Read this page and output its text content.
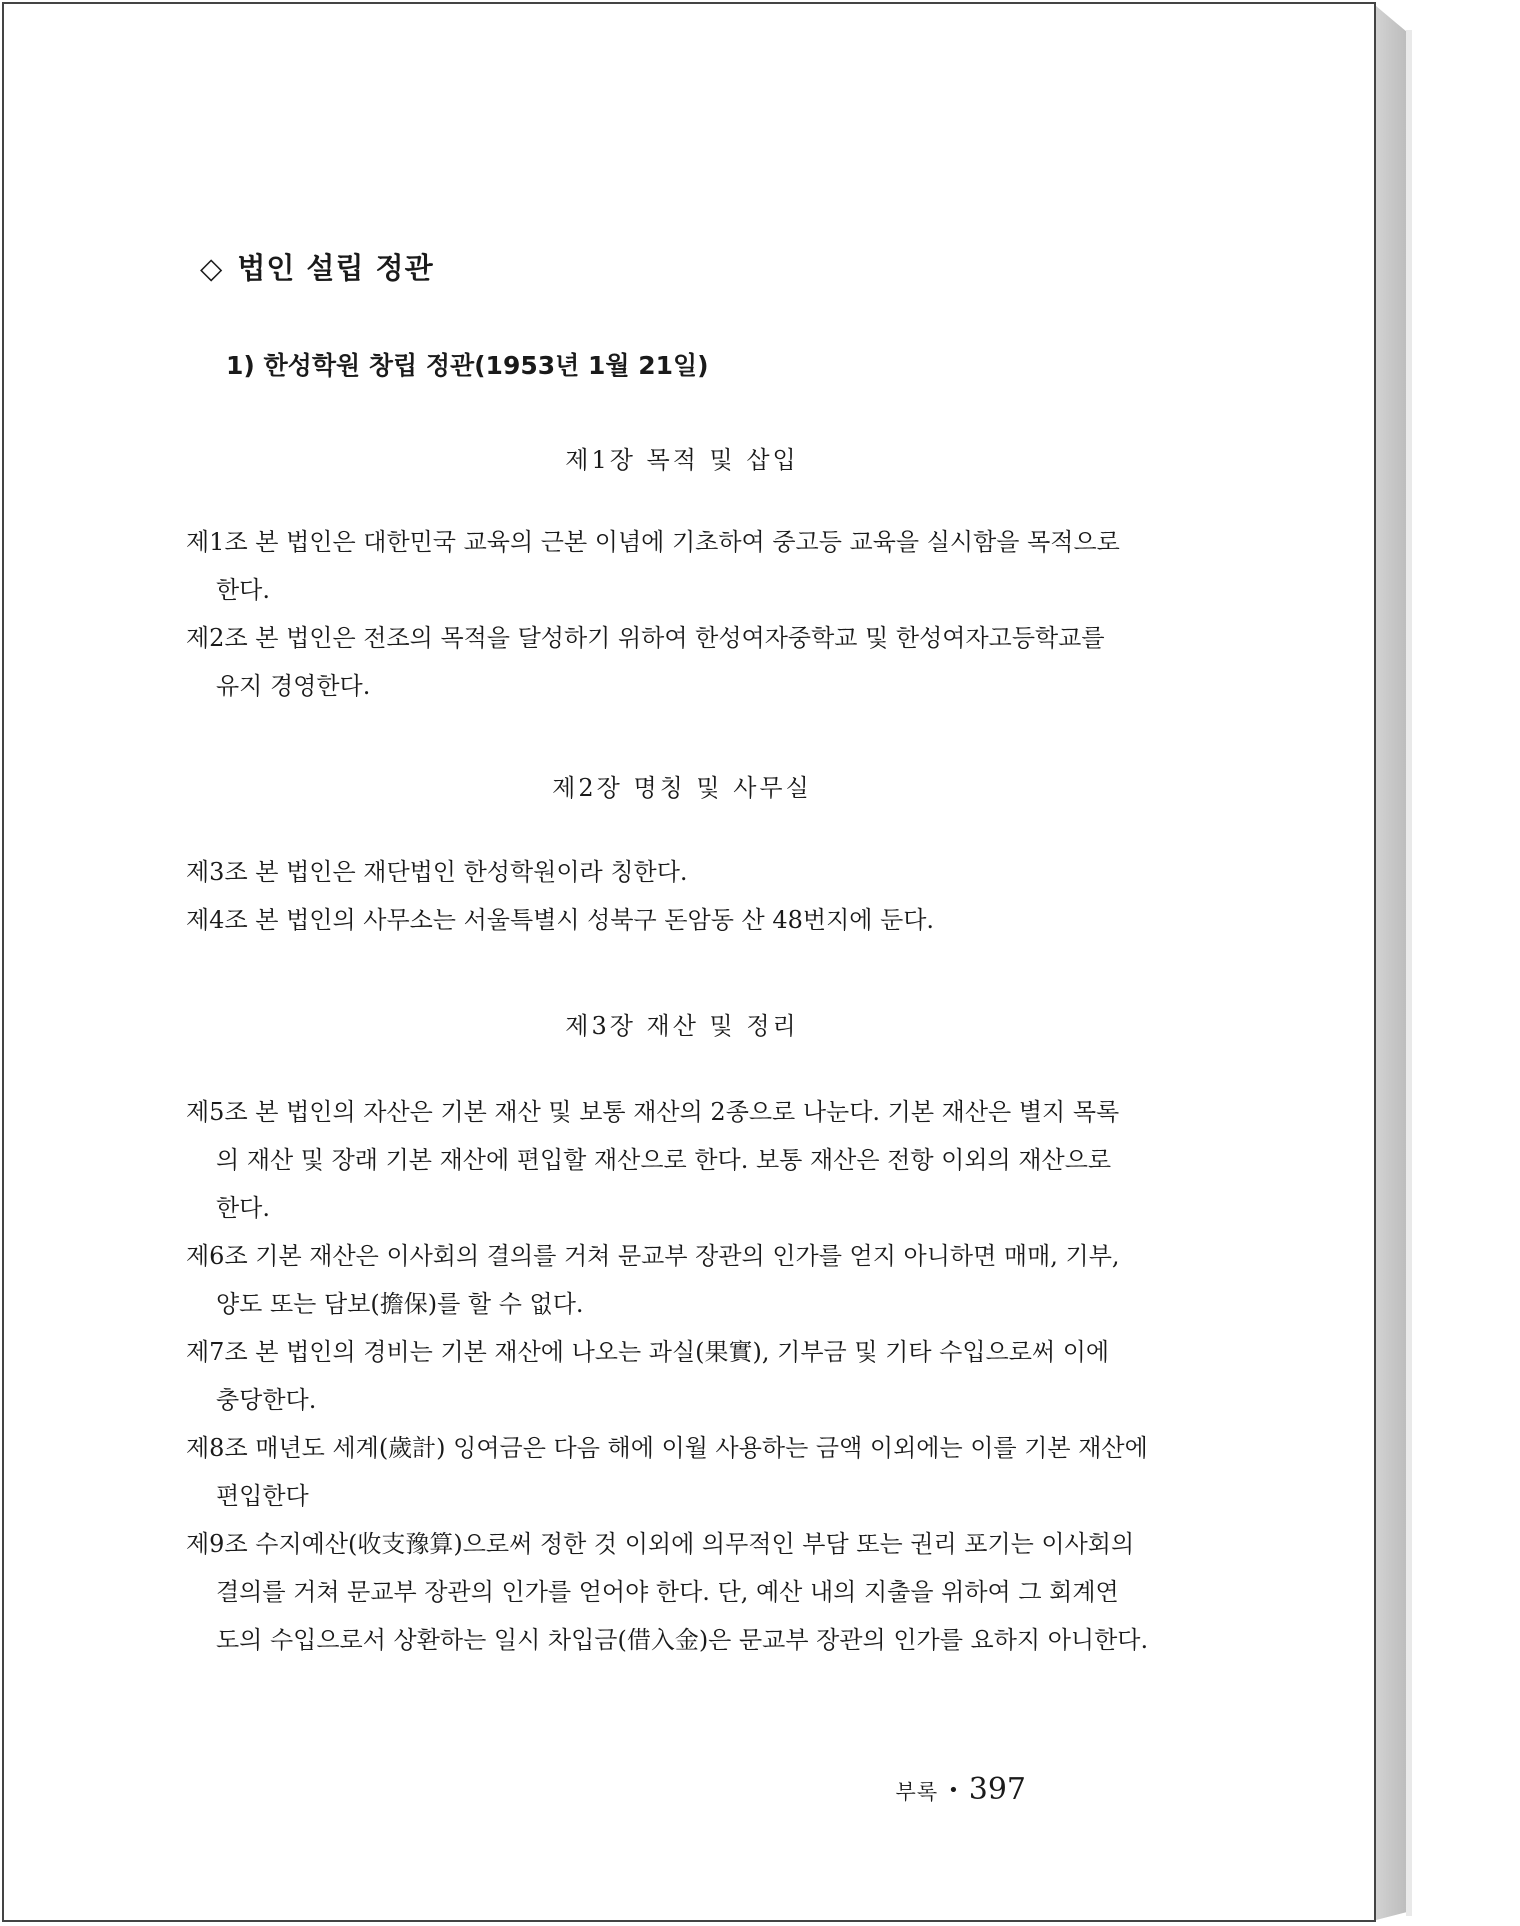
◇ 법인 설립 정관
1) 한성학원 창립 정관(1953년 1월 21일)
제1장 목적 및 삽입
제1조 본 법인은 대한민국 교육의 근본 이념에 기초하여 중고등 교육을 실시함을 목적으로
한다.
제2조 본 법인은 전조의 목적을 달성하기 위하여 한성여자중학교 및 한성여자고등학교를
유지 경영한다.
제2장 명칭 및 사무실
제3조 본 법인은 재단법인 한성학원이라 칭한다.
제4조 본 법인의 사무소는 서울특별시 성북구 돈암동 산 48번지에 둔다.
제3장 재산 및 정리
제5조 본 법인의 자산은 기본 재산 및 보통 재산의 2종으로 나눈다. 기본 재산은 별지 목록
의 재산 및 장래 기본 재산에 편입할 재산으로 한다. 보통 재산은 전항 이외의 재산으로
한다.
제6조 기본 재산은 이사회의 결의를 거쳐 문교부 장관의 인가를 얻지 아니하면 매매, 기부,
양도 또는 담보(擔保)를 할 수 없다.
제7조 본 법인의 경비는 기본 재산에 나오는 과실(果實), 기부금 및 기타 수입으로써 이에
충당한다.
제8조 매년도 세계(歲計) 잉여금은 다음 해에 이월 사용하는 금액 이외에는 이를 기본 재산에
편입한다
제9조 수지예산(收支豫算)으로써 정한 것 이외에 의무적인 부담 또는 권리 포기는 이사회의
결의를 거쳐 문교부 장관의 인가를 얻어야 한다. 단, 예산 내의 지출을 위하여 그 회계연
도의 수입으로서 상환하는 일시 차입금(借入金)은 문교부 장관의 인가를 요하지 아니한다.
부록 • 397
